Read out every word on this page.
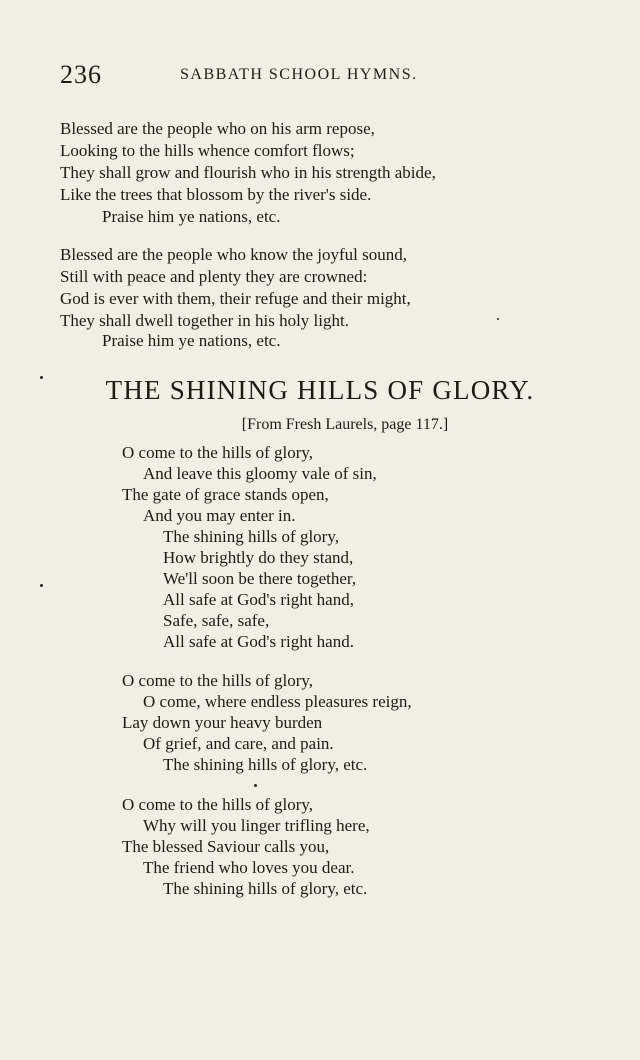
236	SABBATH SCHOOL HYMNS.
Blessed are the people who on his arm repose,
Looking to the hills whence comfort flows;
They shall grow and flourish who in his strength abide,
Like the trees that blossom by the river's side.
Praise him ye nations, etc.
Blessed are the people who know the joyful sound,
Still with peace and plenty they are crowned:
God is ever with them, their refuge and their might,
They shall dwell together in his holy light.
Praise him ye nations, etc.
THE SHINING HILLS OF GLORY.
[From Fresh Laurels, page 117.]
O come to the hills of glory,
And leave this gloomy vale of sin,
The gate of grace stands open,
And you may enter in.
The shining hills of glory,
How brightly do they stand,
We'll soon be there together,
All safe at God's right hand,
Safe, safe, safe,
All safe at God's right hand.
O come to the hills of glory,
O come, where endless pleasures reign,
Lay down your heavy burden
Of grief, and care, and pain.
The shining hills of glory, etc.
O come to the hills of glory,
Why will you linger trifling here,
The blessed Saviour calls you,
The friend who loves you dear.
The shining hills of glory, etc.
